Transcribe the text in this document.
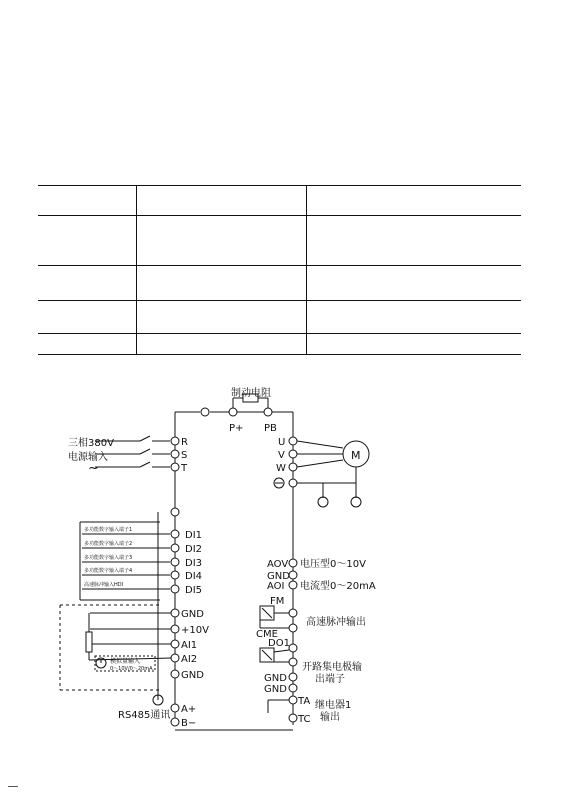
制动电阻
P+ PB
三相380V
电源输入
~
R
S
T
U
V
W
M
多功能数字输入端子1
多功能数字输入端子2
多功能数字输入端子3
多功能数字输入端子4
高速脉冲输入HDI
DI1
DI2
DI3
DI4
DI5
GND
+10V
AI1
AI2
GND
模拟量输入
0～10V/0～20mA
RS485通讯
A+
B−
AOV 电压型0～10V
GND
AOI 电流型0～20mA
FM
高速脉冲输出
CME
DO1
开路集电极输
出端子
GND
GND
TA
TC
继电器1
输出
